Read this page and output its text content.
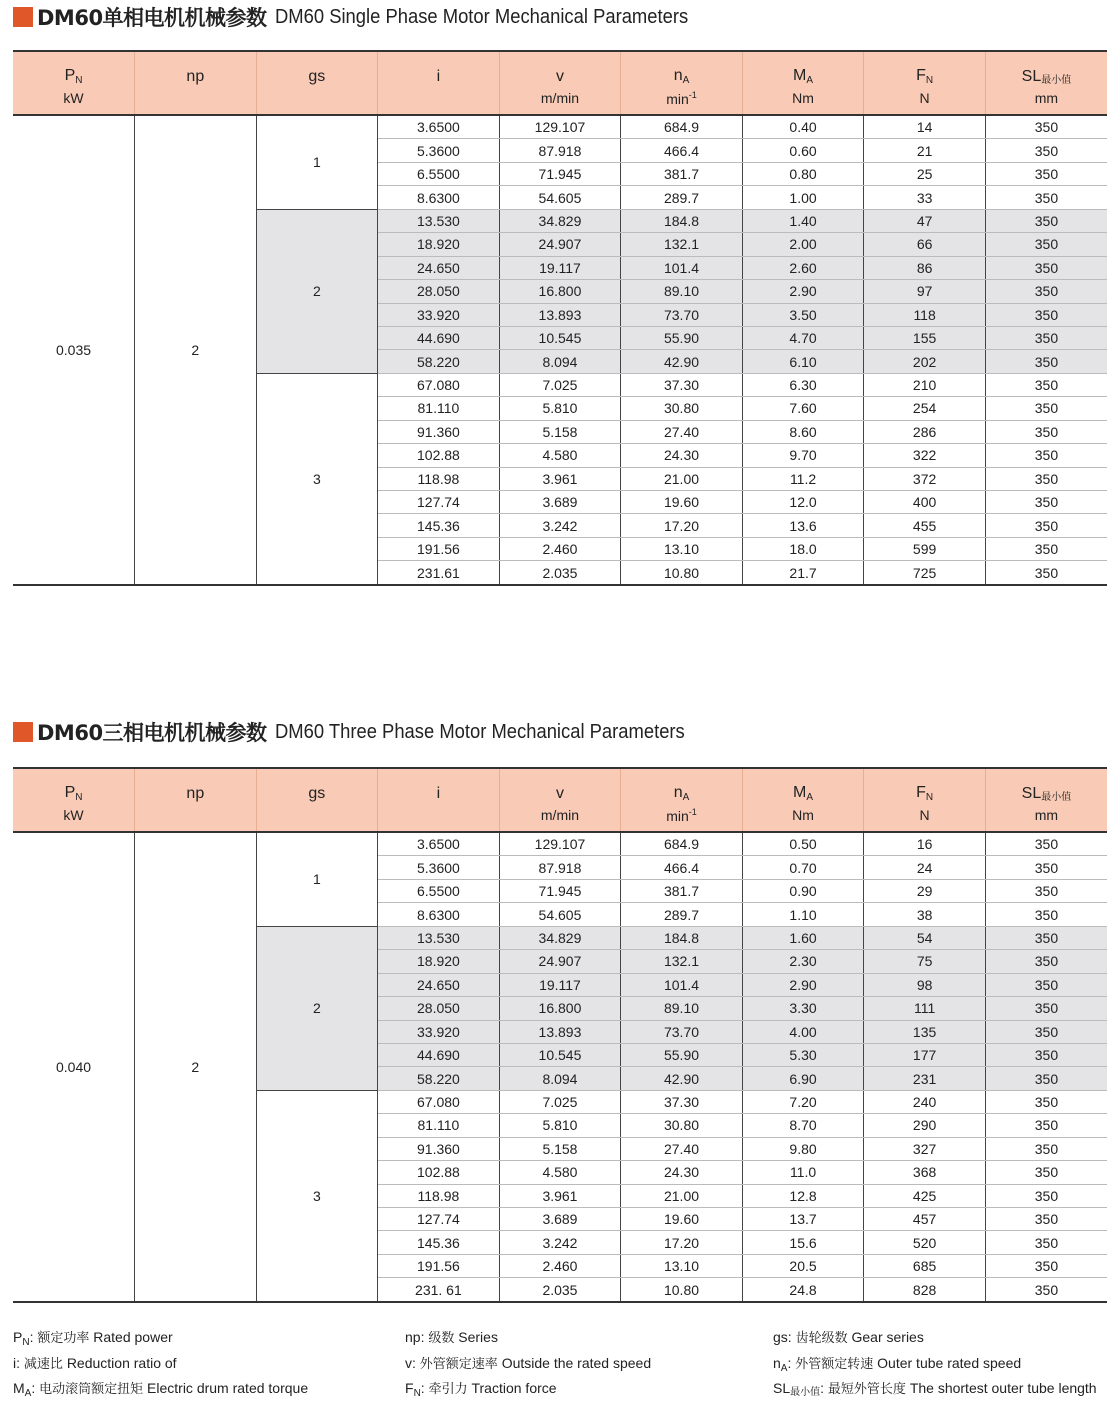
DM60单相电机机械参数 DM60 Single Phase Motor Mechanical Parameters
$P_N$	np	gs	i	v	$n_A$	$M_A$	$F_N$	$SL_{最小值}$
kW				m/min	$\min^{-1}$	Nm	N	mm
0.035	2	1	3.6500	129.107	684.9	0.40	14	350
			5.3600	87.918	466.4	0.60	21	350
			6.5500	71.945	381.7	0.80	25	350
			8.6300	54.605	289.7	1.00	33	350
		2	13.530	34.829	184.8	1.40	47	350
			18.920	24.907	132.1	2.00	66	350
			24.650	19.117	101.4	2.60	86	350
			28.050	16.800	89.10	2.90	97	350
			33.920	13.893	73.70	3.50	118	350
			44.690	10.545	55.90	4.70	155	350
			58.220	8.094	42.90	6.10	202	350
		3	67.080	7.025	37.30	6.30	210	350
			81.110	5.810	30.80	7.60	254	350
			91.360	5.158	27.40	8.60	286	350
			102.88	4.580	24.30	9.70	322	350
			118.98	3.961	21.00	11.2	372	350
			127.74	3.689	19.60	12.0	400	350
			145.36	3.242	17.20	13.6	455	350
			191.56	2.460	13.10	18.0	599	350
			231.61	2.035	10.80	21.7	725	350
DM60三相电机机械参数 DM60 Three Phase Motor Mechanical Parameters
$P_N$	np	gs	i	v	$n_A$	$M_A$	$F_N$	$SL_{最小值}$
kW				m/min	$\min^{-1}$	Nm	N	mm
0.040	2	1	3.6500	129.107	684.9	0.50	16	350
			5.3600	87.918	466.4	0.70	24	350
			6.5500	71.945	381.7	0.90	29	350
			8.6300	54.605	289.7	1.10	38	350
		2	13.530	34.829	184.8	1.60	54	350
			18.920	24.907	132.1	2.30	75	350
			24.650	19.117	101.4	2.90	98	350
			28.050	16.800	89.10	3.30	111	350
			33.920	13.893	73.70	4.00	135	350
			44.690	10.545	55.90	5.30	177	350
			58.220	8.094	42.90	6.90	231	350
		3	67.080	7.025	37.30	7.20	240	350
			81.110	5.810	30.80	8.70	290	350
			91.360	5.158	27.40	9.80	327	350
			102.88	4.580	24.30	11.0	368	350
			118.98	3.961	21.00	12.8	425	350
			127.74	3.689	19.60	13.7	457	350
			145.36	3.242	17.20	15.6	520	350
			191.56	2.460	13.10	20.5	685	350
			231. 61	2.035	10.80	24.8	828	350
$P_N$: 额定功率 Rated power
i: 减速比 Reduction ratio of
$M_A$: 电动滚筒额定扭矩 Electric drum rated torque
np: 级数 Series
v: 外管额定速率 Outside the rated speed
$F_N$: 牵引力 Traction force
gs: 齿轮级数 Gear series
$n_A$: 外管额定转速 Outer tube rated speed
$SL_{最小值}$: 最短外管长度 The shortest outer tube length
